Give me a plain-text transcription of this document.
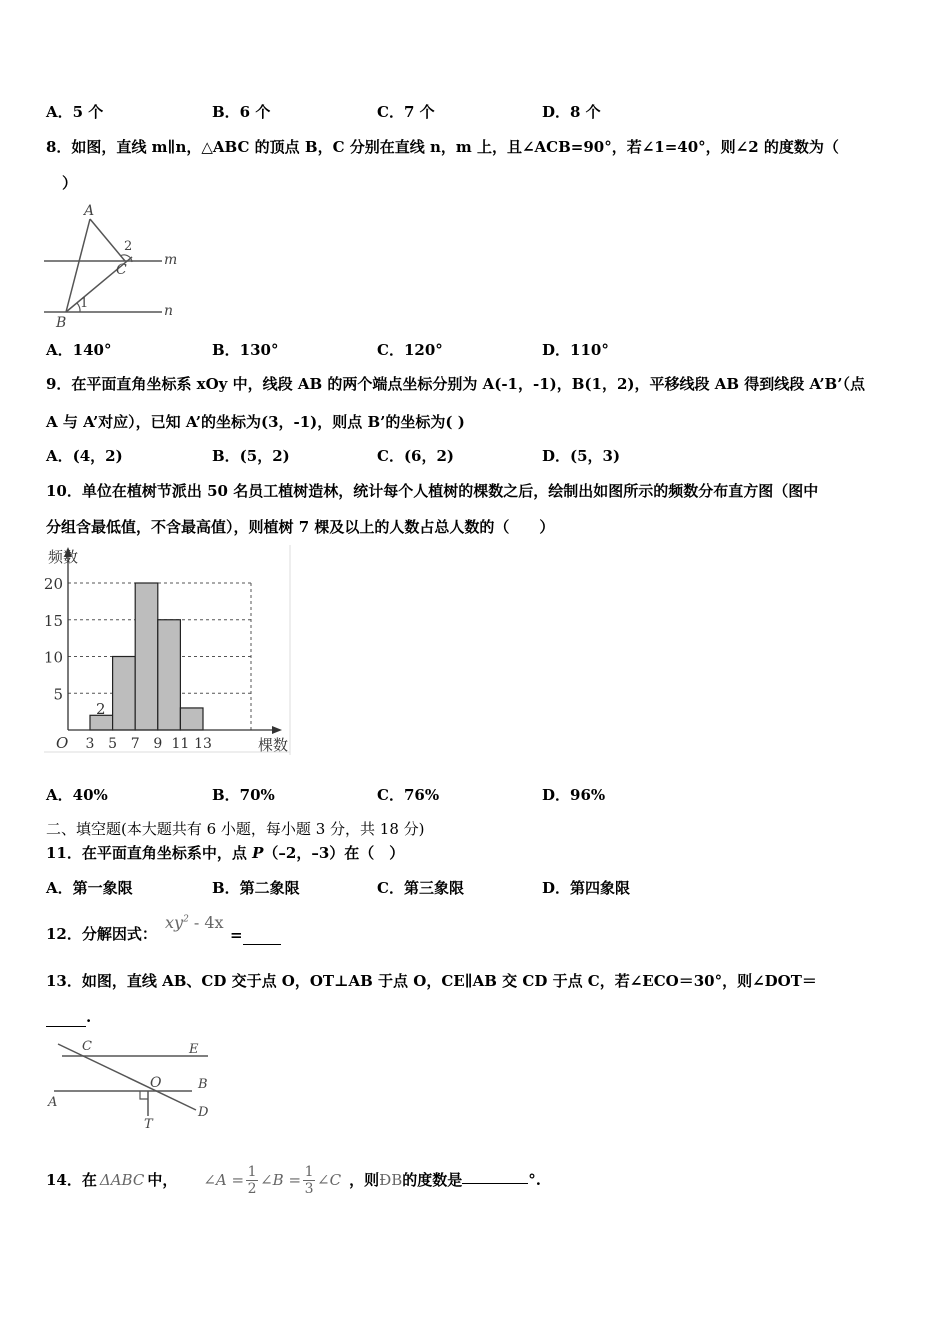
A．5 个	B．6 个	C．7 个	D．8 个
8．如图，直线 m∥n，△ABC 的顶点 B，C 分别在直线 n，m 上，且∠ACB=90°，若∠1=40°，则∠2 的度数为（
）
A
2
C
m
1	n
B
A．140°	B．130°	C．120°	D．110°
9．在平面直角坐标系 xOy 中，线段 AB 的两个端点坐标分别为 A(-1，-1)，B(1，2)，平移线段 AB 得到线段 A’B’（点
A 与 A’对应），已知 A’的坐标为(3，-1)，则点 B’的坐标为( )
A．(4，2)	B．(5，2)	C．(6，2)	D．(5，3)
10．单位在植树节派出 50 名员工植树造林，统计每个人植树的棵数之后，绘制出如图所示的频数分布直方图（图中
分组含最低值，不含最高值），则植树 7 棵及以上的人数占总人数的（　　）
频数
棵数
O
2
5
10
15
20
3 5 7 9 11 13
A．40%	B．70%	C．76%	D．96%
二、填空题(本大题共有 6 小题，每小题 3 分，共 18 分)
11．在平面直角坐标系中，点 P（–2，–3）在（　）
A．第一象限	B．第二象限	C．第三象限	D．第四象限
12．分解因式：
$xy^2 - 4x$
=
13．如图，直线 AB、CD 交于点 O，OT⊥AB 于点 O，CE∥AB 交 CD 于点 C，若∠ECO＝30°，则∠DOT＝
.
C	E
O	B
A
D
T
14．在 ΔABC 中， ∠A = $\frac{1}{2}$ ∠B = $\frac{1}{3}$ ∠C ，则 ÐB 的度数是	°.
